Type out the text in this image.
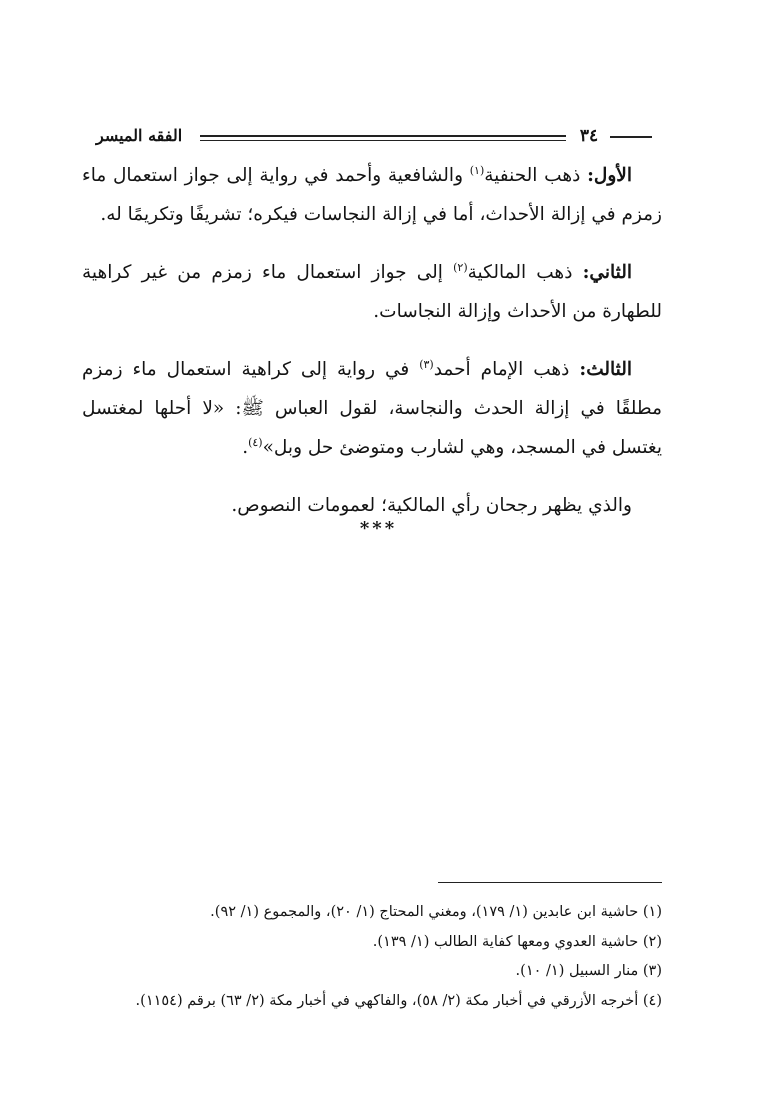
الفقه الميسر	٣٤

الأول: ذهب الحنفية$^{(١)}$ والشافعية وأحمد في رواية إلى جواز استعمال ماء زمزم في إزالة الأحداث، أما في إزالة النجاسات فيكره؛ تشريفًا وتكريمًا له.

الثاني: ذهب المالكية$^{(٢)}$ إلى جواز استعمال ماء زمزم من غير كراهية للطهارة من الأحداث وإزالة النجاسات.

الثالث: ذهب الإمام أحمد$^{(٣)}$ في رواية إلى كراهية استعمال ماء زمزم مطلقًا في إزالة الحدث والنجاسة، لقول العباس ﷺ: «لا أحلها لمغتسل يغتسل في المسجد، وهي لشارب ومتوضئ حل وبل»$^{(٤)}$.

والذي يظهر رجحان رأي المالكية؛ لعمومات النصوص.

***
(١) حاشية ابن عابدين (١/ ١٧٩)، ومغني المحتاج (١/ ٢٠)، والمجموع (١/ ٩٢).
(٢) حاشية العدوي ومعها كفاية الطالب (١/ ١٣٩).
(٣) منار السبيل (١/ ١٠).
(٤) أخرجه الأزرقي في أخبار مكة (٢/ ٥٨)، والفاكهي في أخبار مكة (٢/ ٦٣) برقم (١١٥٤).
